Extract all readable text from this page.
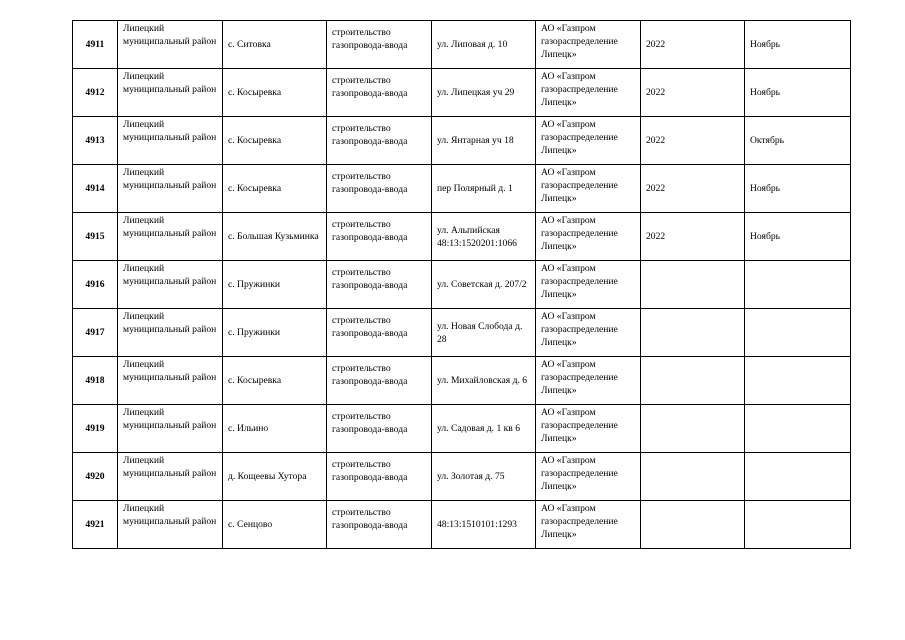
4911	Липецкий муниципальный район	с. Ситовка	строительство газопровода-ввода	ул. Липовая д. 10	АО «Газпром газораспределение Липецк»	2022	Ноябрь
4912	Липецкий муниципальный район	с. Косыревка	строительство газопровода-ввода	ул. Липецкая уч 29	АО «Газпром газораспределение Липецк»	2022	Ноябрь
4913	Липецкий муниципальный район	с. Косыревка	строительство газопровода-ввода	ул. Янтарная уч 18	АО «Газпром газораспределение Липецк»	2022	Октябрь
4914	Липецкий муниципальный район	с. Косыревка	строительство газопровода-ввода	пер Полярный д. 1	АО «Газпром газораспределение Липецк»	2022	Ноябрь
4915	Липецкий муниципальный район	с. Большая Кузьминка	строительство газопровода-ввода	ул. Альпийская 48:13:1520201:1066	АО «Газпром газораспределение Липецк»	2022	Ноябрь
4916	Липецкий муниципальный район	с. Пружинки	строительство газопровода-ввода	ул. Советская д. 207/2	АО «Газпром газораспределение Липецк»		
4917	Липецкий муниципальный район	с. Пружинки	строительство газопровода-ввода	ул. Новая Слобода д. 28	АО «Газпром газораспределение Липецк»		
4918	Липецкий муниципальный район	с. Косыревка	строительство газопровода-ввода	ул. Михайловская д. 6	АО «Газпром газораспределение Липецк»		
4919	Липецкий муниципальный район	с. Ильино	строительство газопровода-ввода	ул. Садовая д. 1 кв 6	АО «Газпром газораспределение Липецк»		
4920	Липецкий муниципальный район	д. Кощеевы Хутора	строительство газопровода-ввода	ул. Золотая д. 75	АО «Газпром газораспределение Липецк»		
4921	Липецкий муниципальный район	с. Сенцово	строительство газопровода-ввода	48:13:1510101:1293	АО «Газпром газораспределение Липецк»		
